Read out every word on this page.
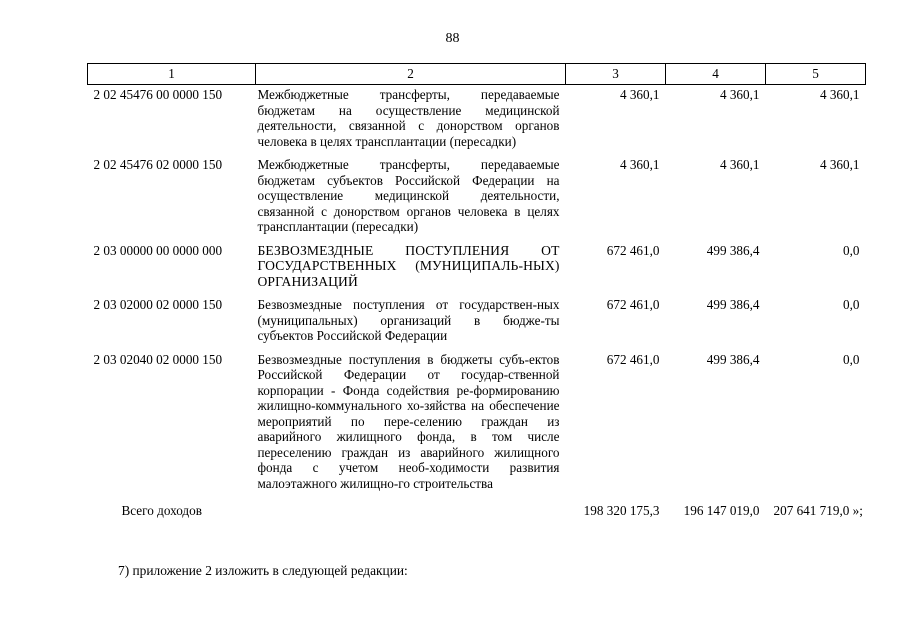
88
1	2	3	4	5
2 02 45476 00 0000 150	Межбюджетные трансферты, передаваемые бюджетам на осуществление медицинской деятельности, связанной с донорством органов человека в целях трансплантации (пересадки)	4 360,1	4 360,1	4 360,1
2 02 45476 02 0000 150	Межбюджетные трансферты, передаваемые бюджетам субъектов Российской Федерации на осуществление медицинской деятельности, связанной с донорством органов человека в целях трансплантации (пересадки)	4 360,1	4 360,1	4 360,1
2 03 00000 00 0000 000	БЕЗВОЗМЕЗДНЫЕ ПОСТУПЛЕНИЯ ОТ ГОСУДАРСТВЕННЫХ (МУНИЦИПАЛЬ-НЫХ) ОРГАНИЗАЦИЙ	672 461,0	499 386,4	0,0
2 03 02000 02 0000 150	Безвозмездные поступления от государствен-ных (муниципальных) организаций в бюдже-ты субъектов Российской Федерации	672 461,0	499 386,4	0,0
2 03 02040 02 0000 150	Безвозмездные поступления в бюджеты субъ-ектов Российской Федерации от государ-ственной корпорации - Фонда содействия ре-формированию жилищно-коммунального хо-зяйства на обеспечение мероприятий по пере-селению граждан из аварийного жилищного фонда, в том числе переселению граждан из аварийного жилищного фонда с учетом необ-ходимости развития малоэтажного жилищно-го строительства	672 461,0	499 386,4	0,0
Всего доходов		198 320 175,3	196 147 019,0	207 641 719,0 »;
7) приложение 2 изложить в следующей редакции:
